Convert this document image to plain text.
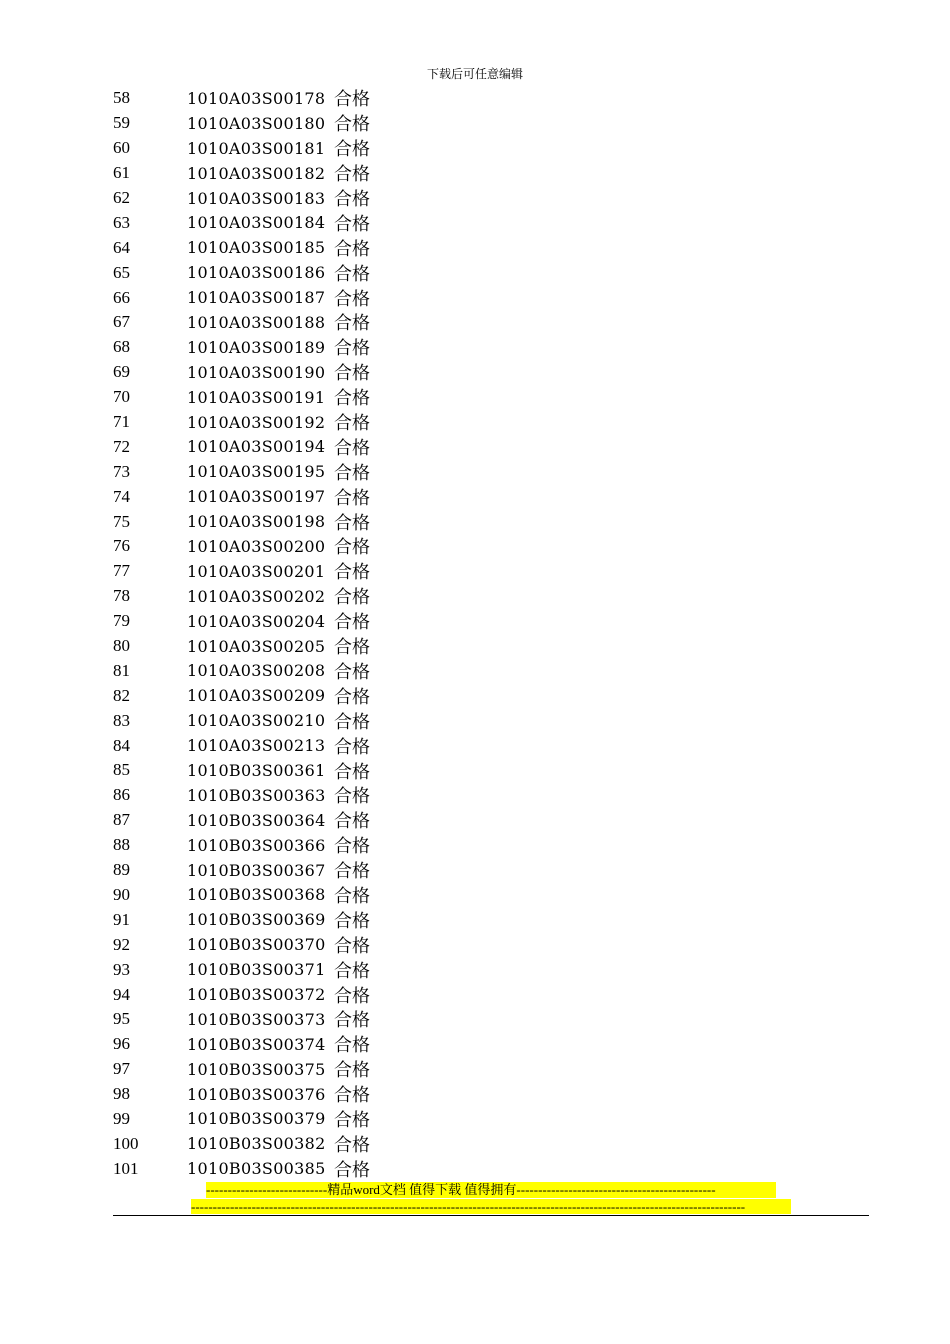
下载后可任意编辑
58	1010A03S00178 合格
59	1010A03S00180 合格
60	1010A03S00181 合格
61	1010A03S00182 合格
62	1010A03S00183 合格
63	1010A03S00184 合格
64	1010A03S00185 合格
65	1010A03S00186 合格
66	1010A03S00187 合格
67	1010A03S00188 合格
68	1010A03S00189 合格
69	1010A03S00190 合格
70	1010A03S00191 合格
71	1010A03S00192 合格
72	1010A03S00194 合格
73	1010A03S00195 合格
74	1010A03S00197 合格
75	1010A03S00198 合格
76	1010A03S00200 合格
77	1010A03S00201 合格
78	1010A03S00202 合格
79	1010A03S00204 合格
80	1010A03S00205 合格
81	1010A03S00208 合格
82	1010A03S00209 合格
83	1010A03S00210 合格
84	1010A03S00213 合格
85	1010B03S00361 合格
86	1010B03S00363 合格
87	1010B03S00364 合格
88	1010B03S00366 合格
89	1010B03S00367 合格
90	1010B03S00368 合格
91	1010B03S00369 合格
92	1010B03S00370 合格
93	1010B03S00371 合格
94	1010B03S00372 合格
95	1010B03S00373 合格
96	1010B03S00374 合格
97	1010B03S00375 合格
98	1010B03S00376 合格
99	1010B03S00379 合格
100	1010B03S00382 合格
101	1010B03S00385 合格
----------------------------精品word文档 值得下载 值得拥有----------------------------------------------
--------------------------------------------------------------------------------------------------------------------------------
